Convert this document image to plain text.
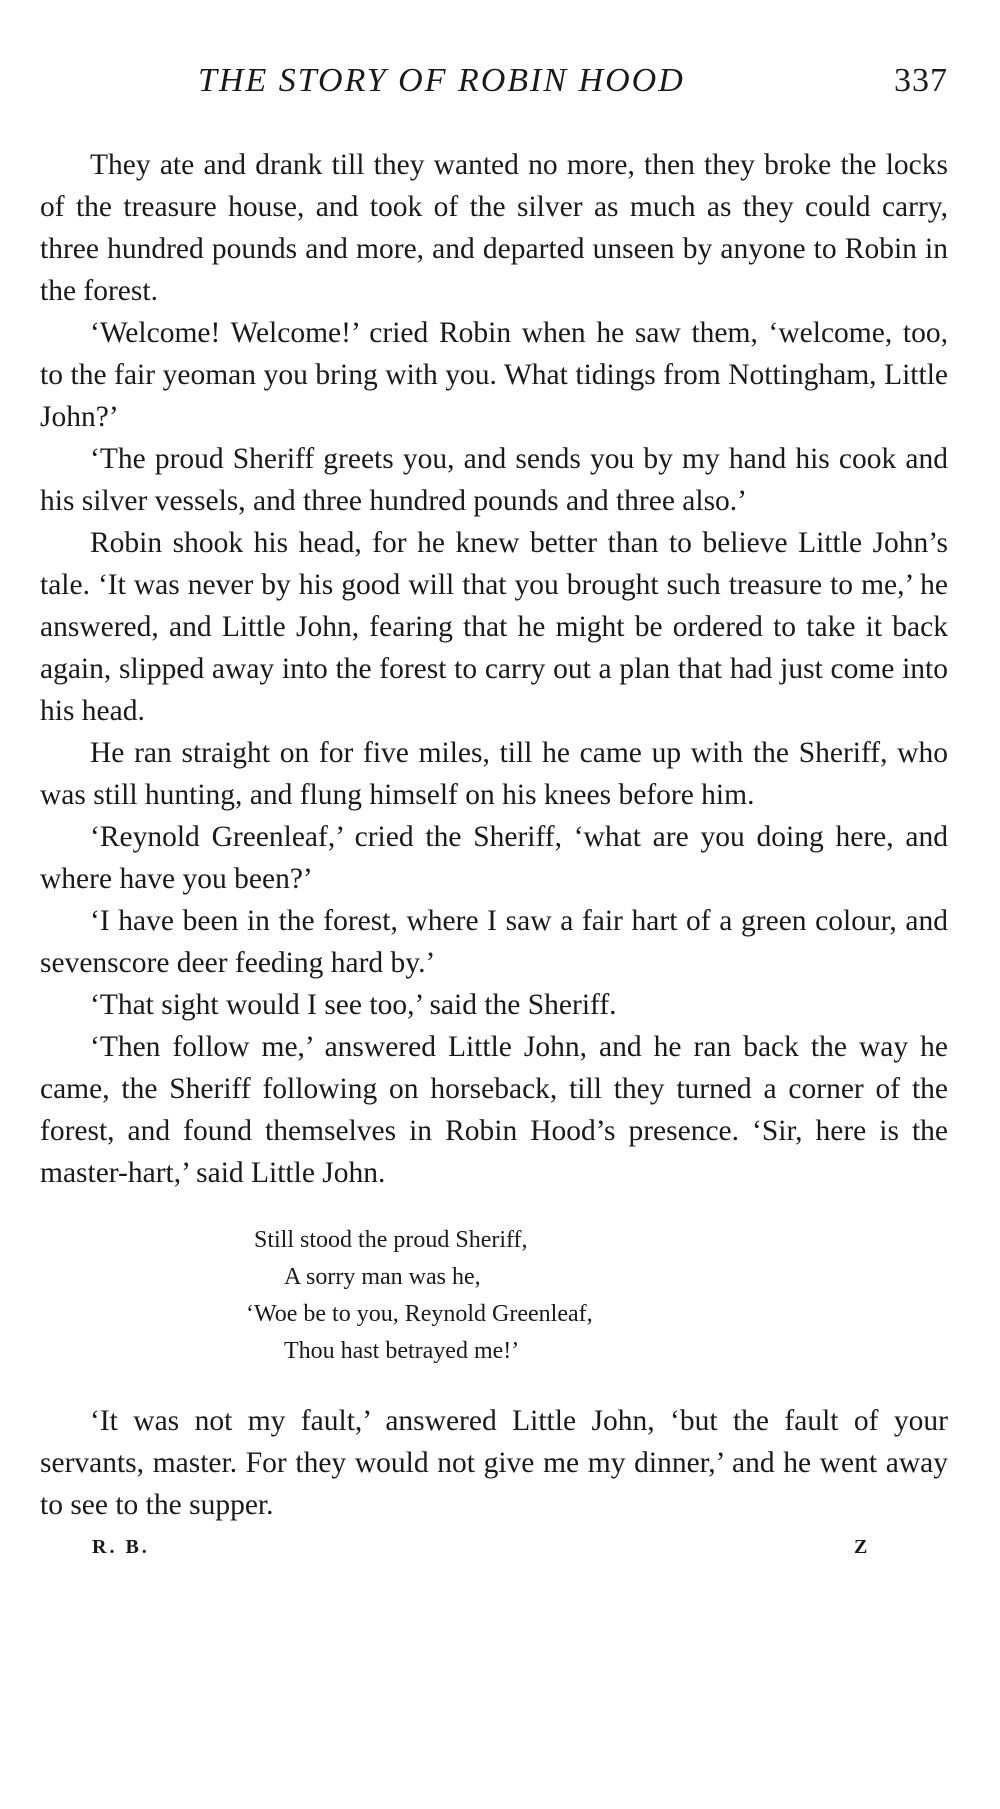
THE STORY OF ROBIN HOOD	337

They ate and drank till they wanted no more, then they broke the locks of the treasure house, and took of the silver as much as they could carry, three hundred pounds and more, and departed unseen by anyone to Robin in the forest.

‘Welcome! Welcome!’ cried Robin when he saw them, ‘welcome, too, to the fair yeoman you bring with you. What tidings from Nottingham, Little John?’

‘The proud Sheriff greets you, and sends you by my hand his cook and his silver vessels, and three hundred pounds and three also.’

Robin shook his head, for he knew better than to believe Little John’s tale. ‘It was never by his good will that you brought such treasure to me,’ he answered, and Little John, fearing that he might be ordered to take it back again, slipped away into the forest to carry out a plan that had just come into his head.

He ran straight on for five miles, till he came up with the Sheriff, who was still hunting, and flung himself on his knees before him.

‘Reynold Greenleaf,’ cried the Sheriff, ‘what are you doing here, and where have you been?’

‘I have been in the forest, where I saw a fair hart of a green colour, and sevenscore deer feeding hard by.’

‘That sight would I see too,’ said the Sheriff.

‘Then follow me,’ answered Little John, and he ran back the way he came, the Sheriff following on horseback, till they turned a corner of the forest, and found themselves in Robin Hood’s presence. ‘Sir, here is the master-hart,’ said Little John.

Still stood the proud Sheriff,
A sorry man was he,
‘Woe be to you, Reynold Greenleaf,
Thou hast betrayed me!’

‘It was not my fault,’ answered Little John, ‘but the fault of your servants, master. For they would not give me my dinner,’ and he went away to see to the supper.

R. B.	Z
